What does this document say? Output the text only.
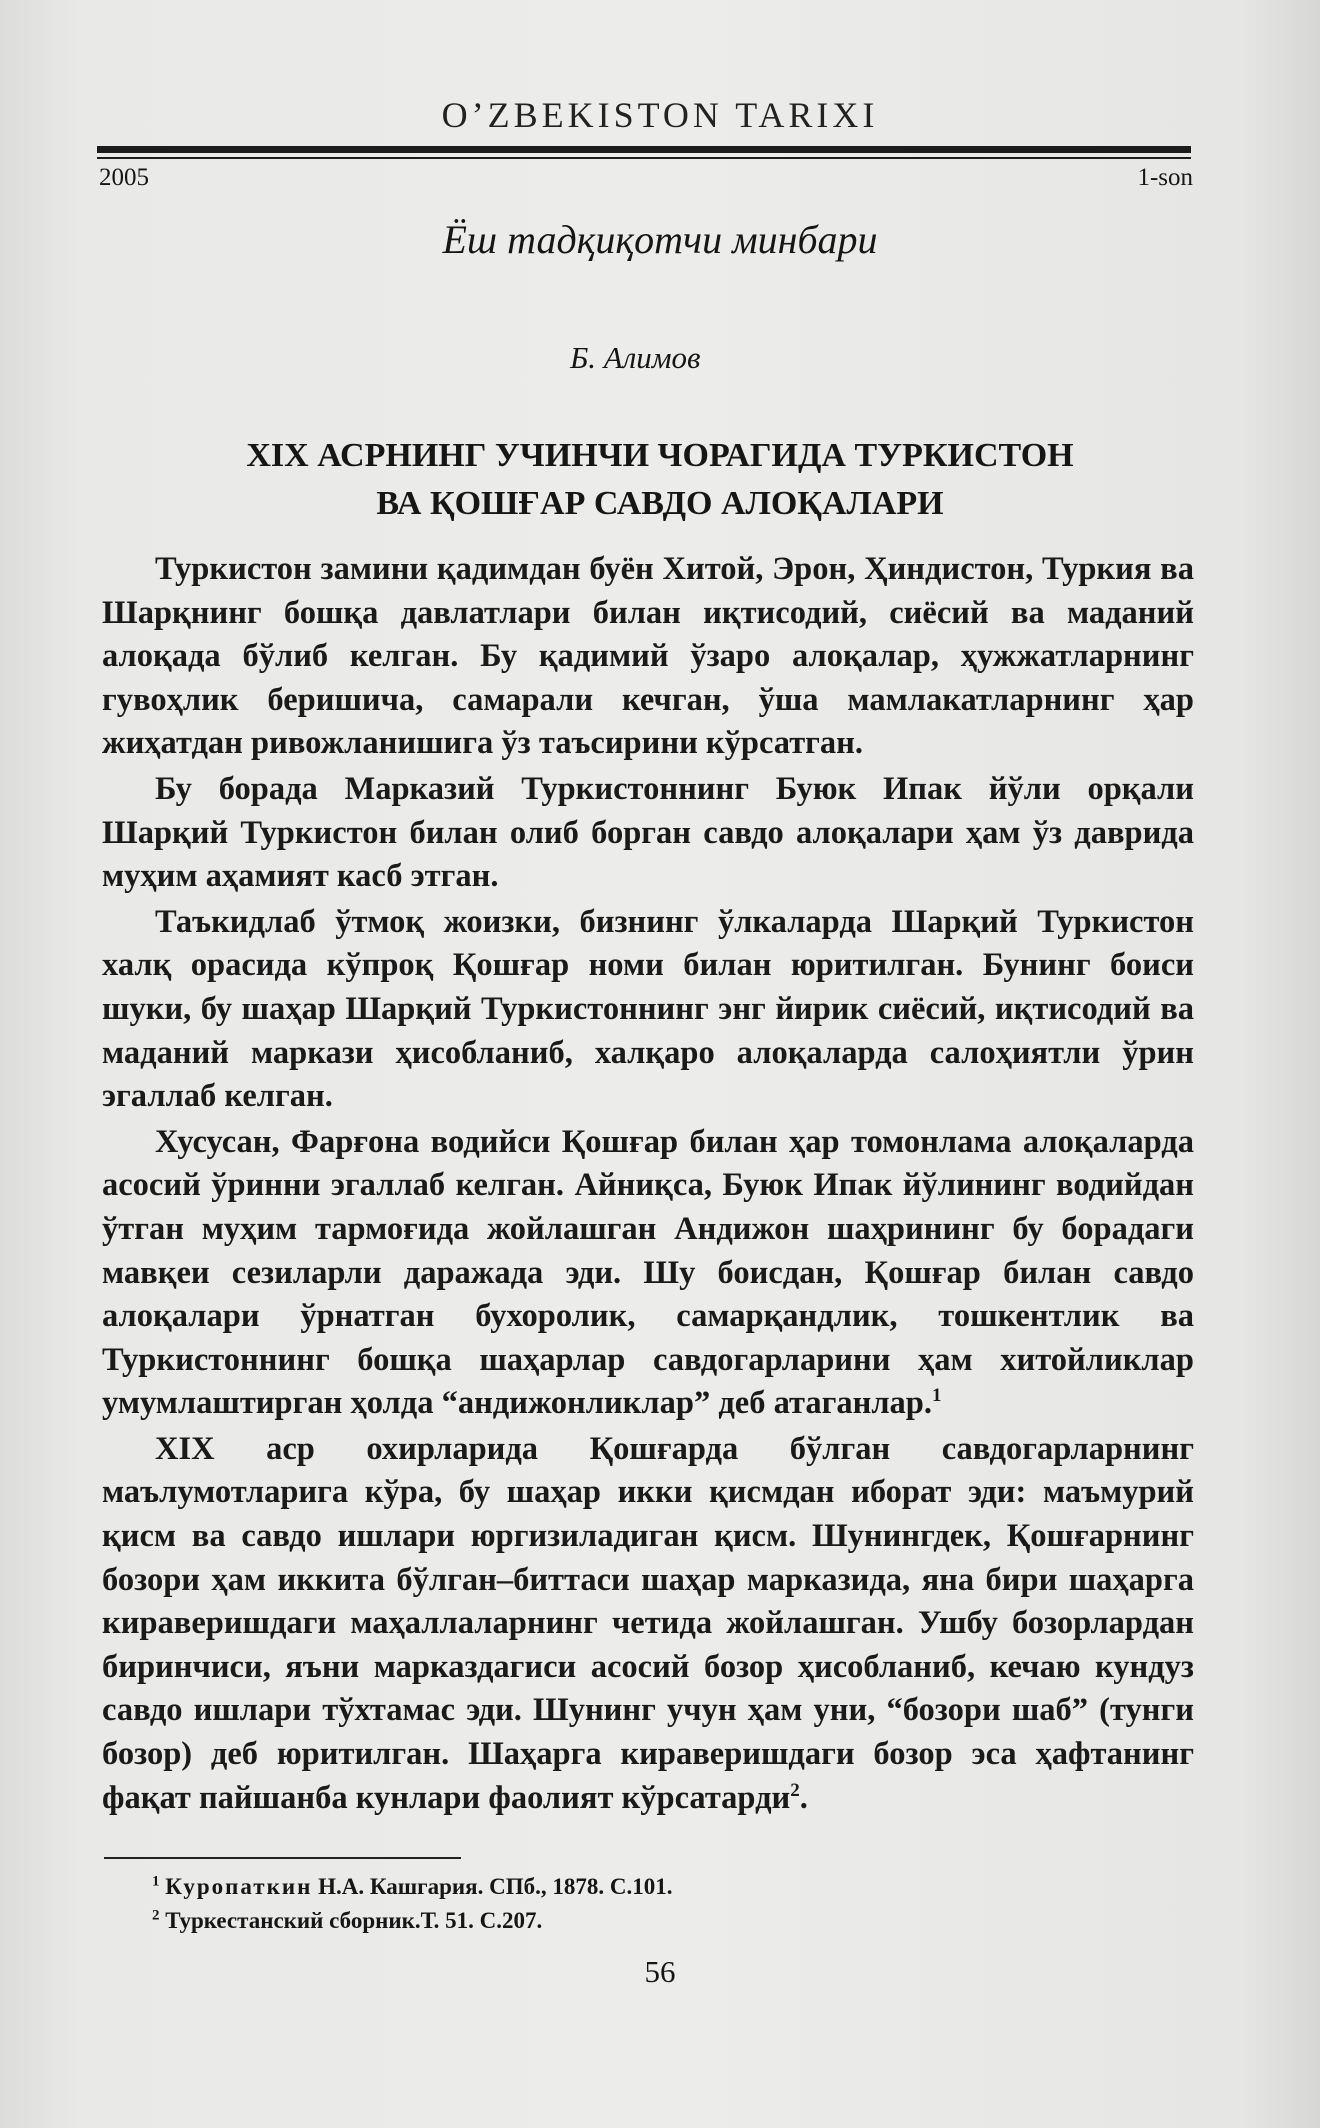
O’ZBEKISTON TARIXI
2005	1-son
Ёш тадқиқотчи минбари
Б. Алимов
XIX АСРНИНГ УЧИНЧИ ЧОРАГИДА ТУРКИСТОН
ВА ҚОШҒАР САВДО АЛОҚАЛАРИ

Туркистон замини қадимдан буён Хитой, Эрон, Ҳиндистон, Туркия ва Шарқнинг бошқа давлатлари билан иқтисодий, сиёсий ва маданий алоқада бўлиб келган. Бу қадимий ўзаро алоқалар, ҳужжатларнинг гувоҳлик беришича, самарали кечган, ўша мамлакатларнинг ҳар жиҳатдан ривожланишига ўз таъсирини кўрсатган.

Бу борада Марказий Туркистоннинг Буюк Ипак йўли орқали Шарқий Туркистон билан олиб борган савдо алоқалари ҳам ўз даврида муҳим аҳамият касб этган.

Таъкидлаб ўтмоқ жоизки, бизнинг ўлкаларда Шарқий Туркистон халқ орасида кўпроқ Қошғар номи билан юритилган. Бунинг боиси шуки, бу шаҳар Шарқий Туркистоннинг энг йирик сиёсий, иқтисодий ва маданий маркази ҳисобланиб, халқаро алоқаларда салоҳиятли ўрин эгаллаб келган.

Хусусан, Фарғона водийси Қошғар билан ҳар томонлама алоқаларда асосий ўринни эгаллаб келган. Айниқса, Буюк Ипак йўлининг водийдан ўтган муҳим тармоғида жойлашган Андижон шаҳрининг бу борадаги мавқеи сезиларли даражада эди. Шу боисдан, Қошғар билан савдо алоқалари ўрнатган бухоролик, самарқандлик, тошкентлик ва Туркистоннинг бошқа шаҳарлар савдогарларини ҳам хитойликлар умумлаштирган ҳолда “андижонликлар” деб атаганлар.$^1$

XIX аср охирларида Қошғарда бўлган савдогарларнинг маълумотларига кўра, бу шаҳар икки қисмдан иборат эди: маъмурий қисм ва савдо ишлари юргизиладиган қисм. Шунингдек, Қошғарнинг бозори ҳам иккита бўлган–биттаси шаҳар марказида, яна бири шаҳарга кираверишдаги маҳаллаларнинг четида жойлашган. Ушбу бозорлардан биринчиси, яъни марказдагиси асосий бозор ҳисобланиб, кечаю кундуз савдо ишлари тўхтамас эди. Шунинг учун ҳам уни, “бозори шаб” (тунги бозор) деб юритилган. Шаҳарга кираверишдаги бозор эса ҳафтанинг фақат пайшанба кунлари фаолият кўрсатарди$^2$.

$^1$ Куропаткин Н.А. Кашгария. СПб., 1878. С.101.
$^2$ Туркестанский сборник.Т. 51. С.207.
56
